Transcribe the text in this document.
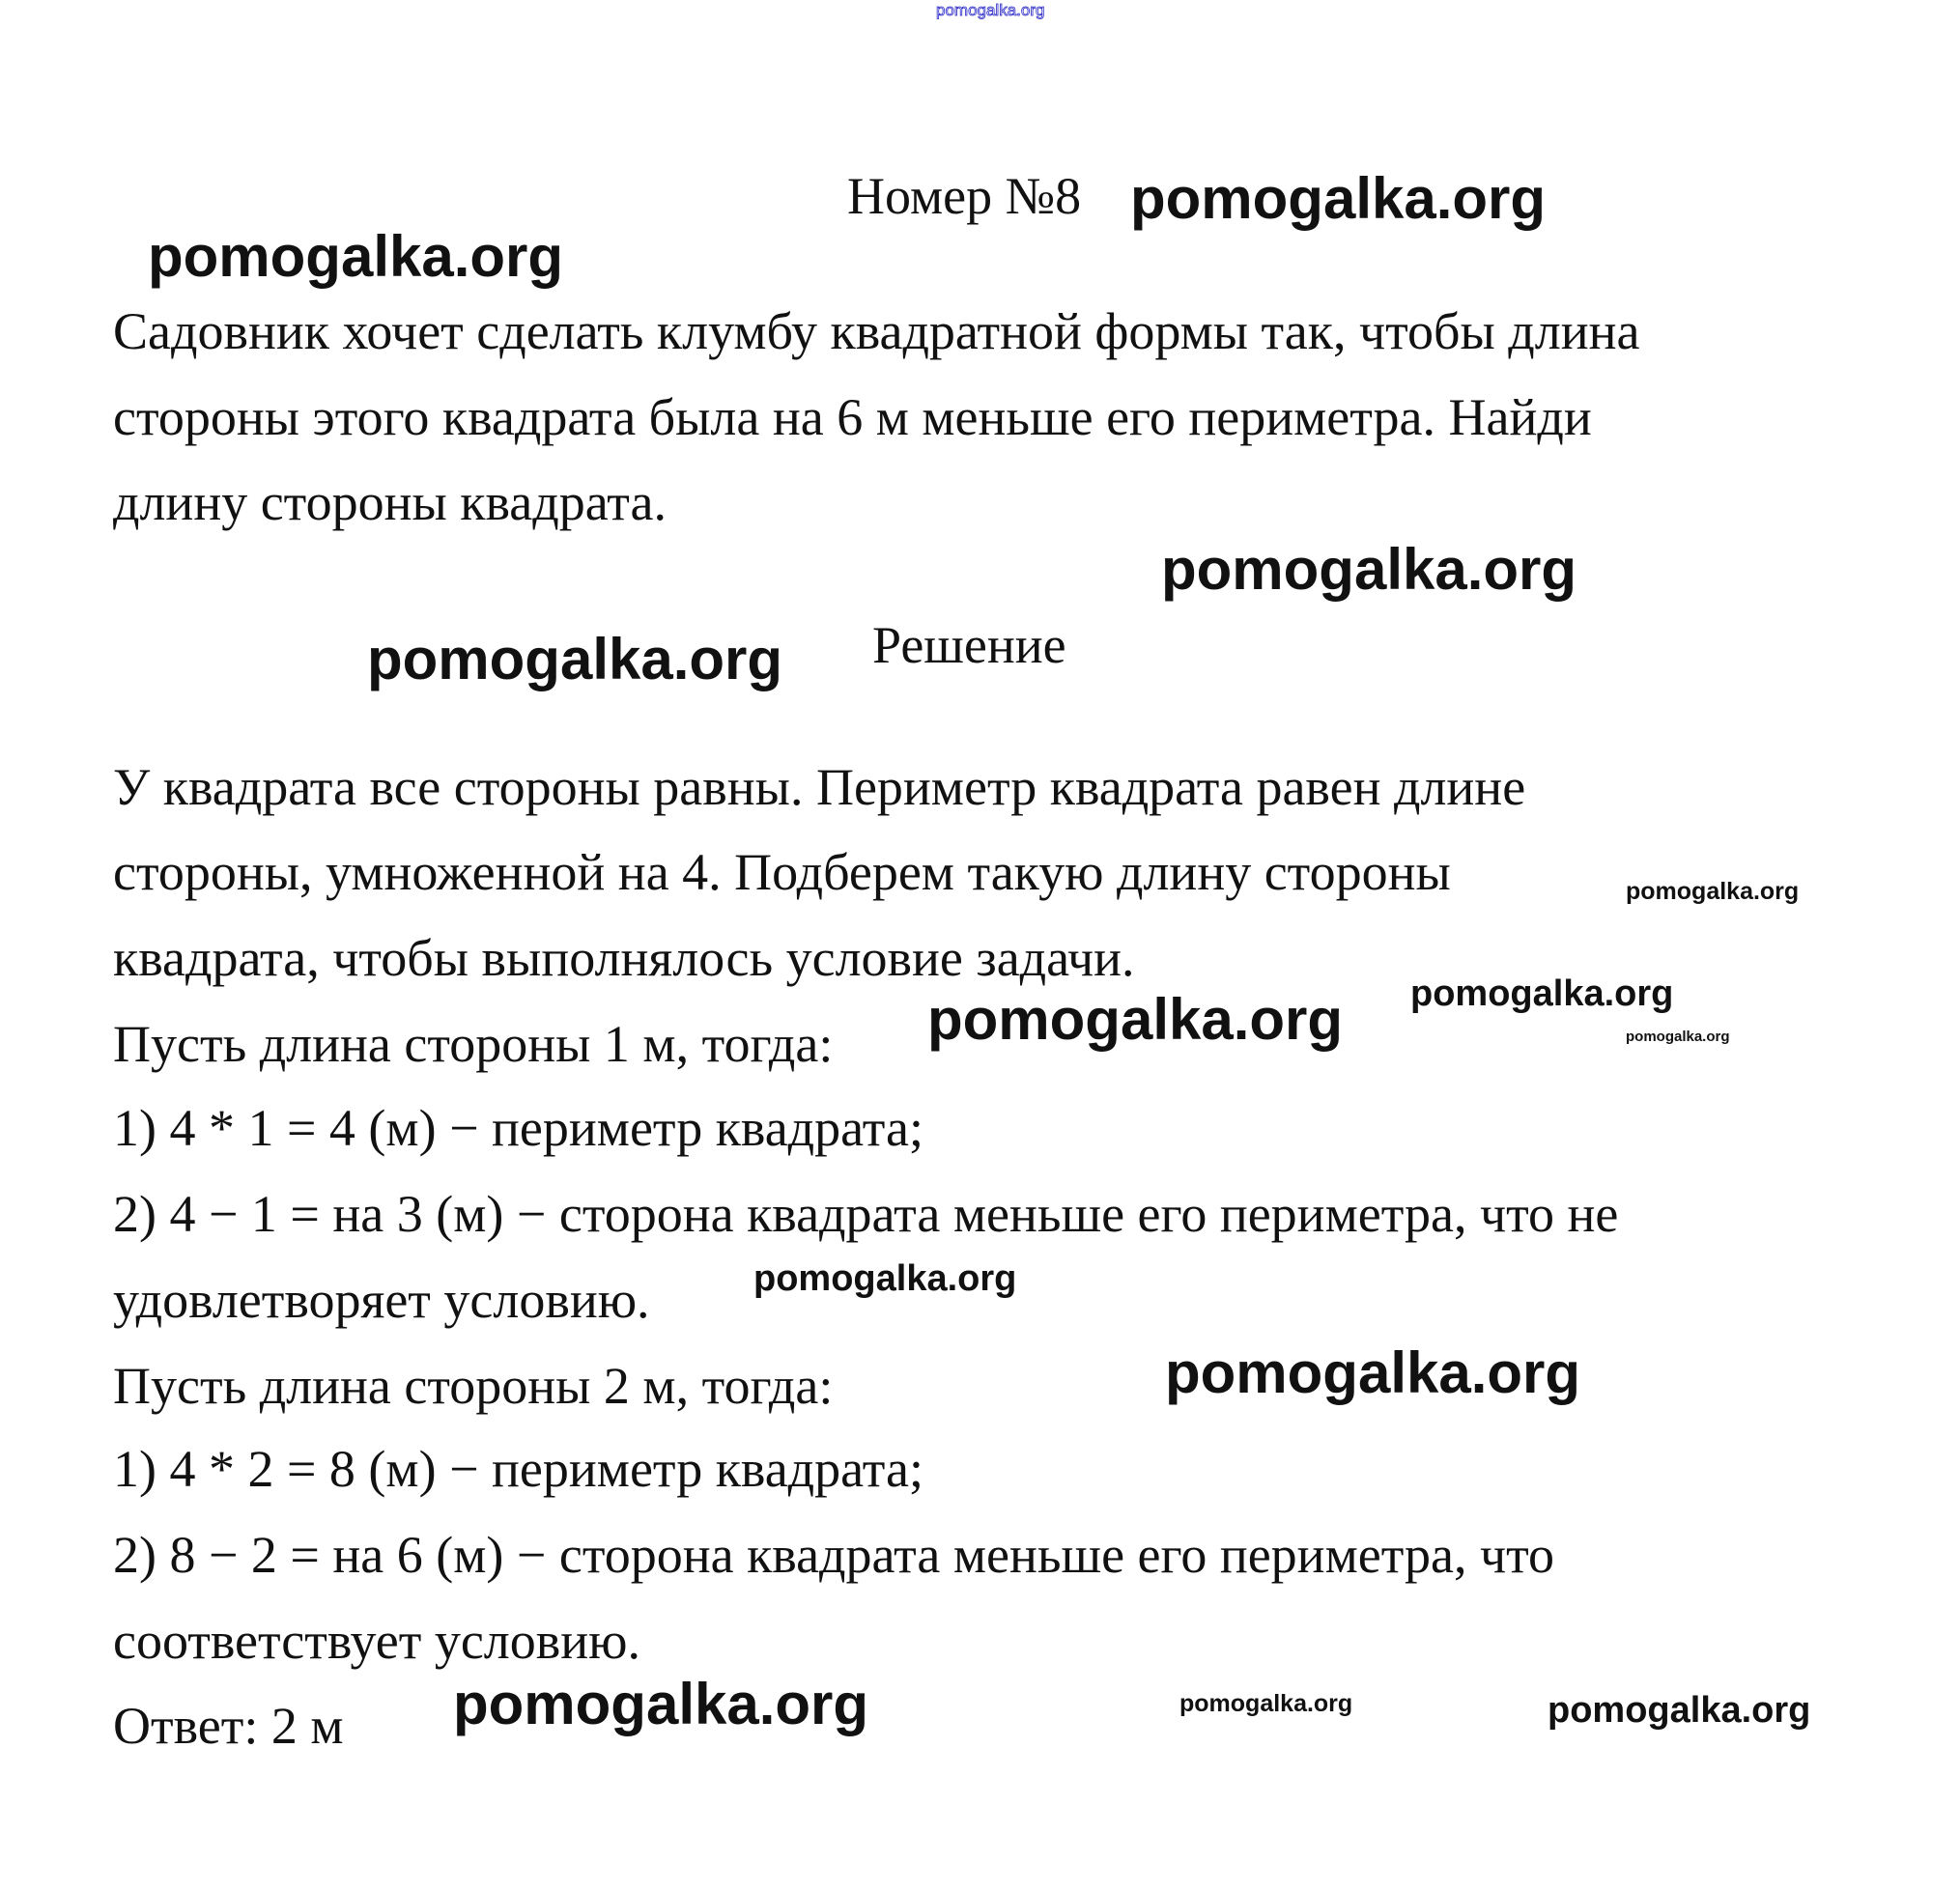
pomogalka.org
Номер №8
Садовник хочет сделать клумбу квадратной формы так, чтобы длина
стороны этого квадрата была на 6 м меньше его периметра. Найди
длину стороны квадрата.
Решение
У квадрата все стороны равны. Периметр квадрата равен длине
стороны, умноженной на 4. Подберем такую длину стороны
квадрата, чтобы выполнялось условие задачи.
Пусть длина стороны 1 м, тогда:
1) 4 * 1 = 4 (м) − периметр квадрата;
2) 4 − 1 = на 3 (м) − сторона квадрата меньше его периметра, что не
удовлетворяет условию.
Пусть длина стороны 2 м, тогда:
1) 4 * 2 = 8 (м) − периметр квадрата;
2) 8 − 2 = на 6 (м) − сторона квадрата меньше его периметра, что
соответствует условию.
Ответ: 2 м
pomogalka.org
pomogalka.org
pomogalka.org
pomogalka.org
pomogalka.org
pomogalka.org
pomogalka.org	pomogalka.org
pomogalka.org
pomogalka.org
pomogalka.org	pomogalka.org	pomogalka.org
